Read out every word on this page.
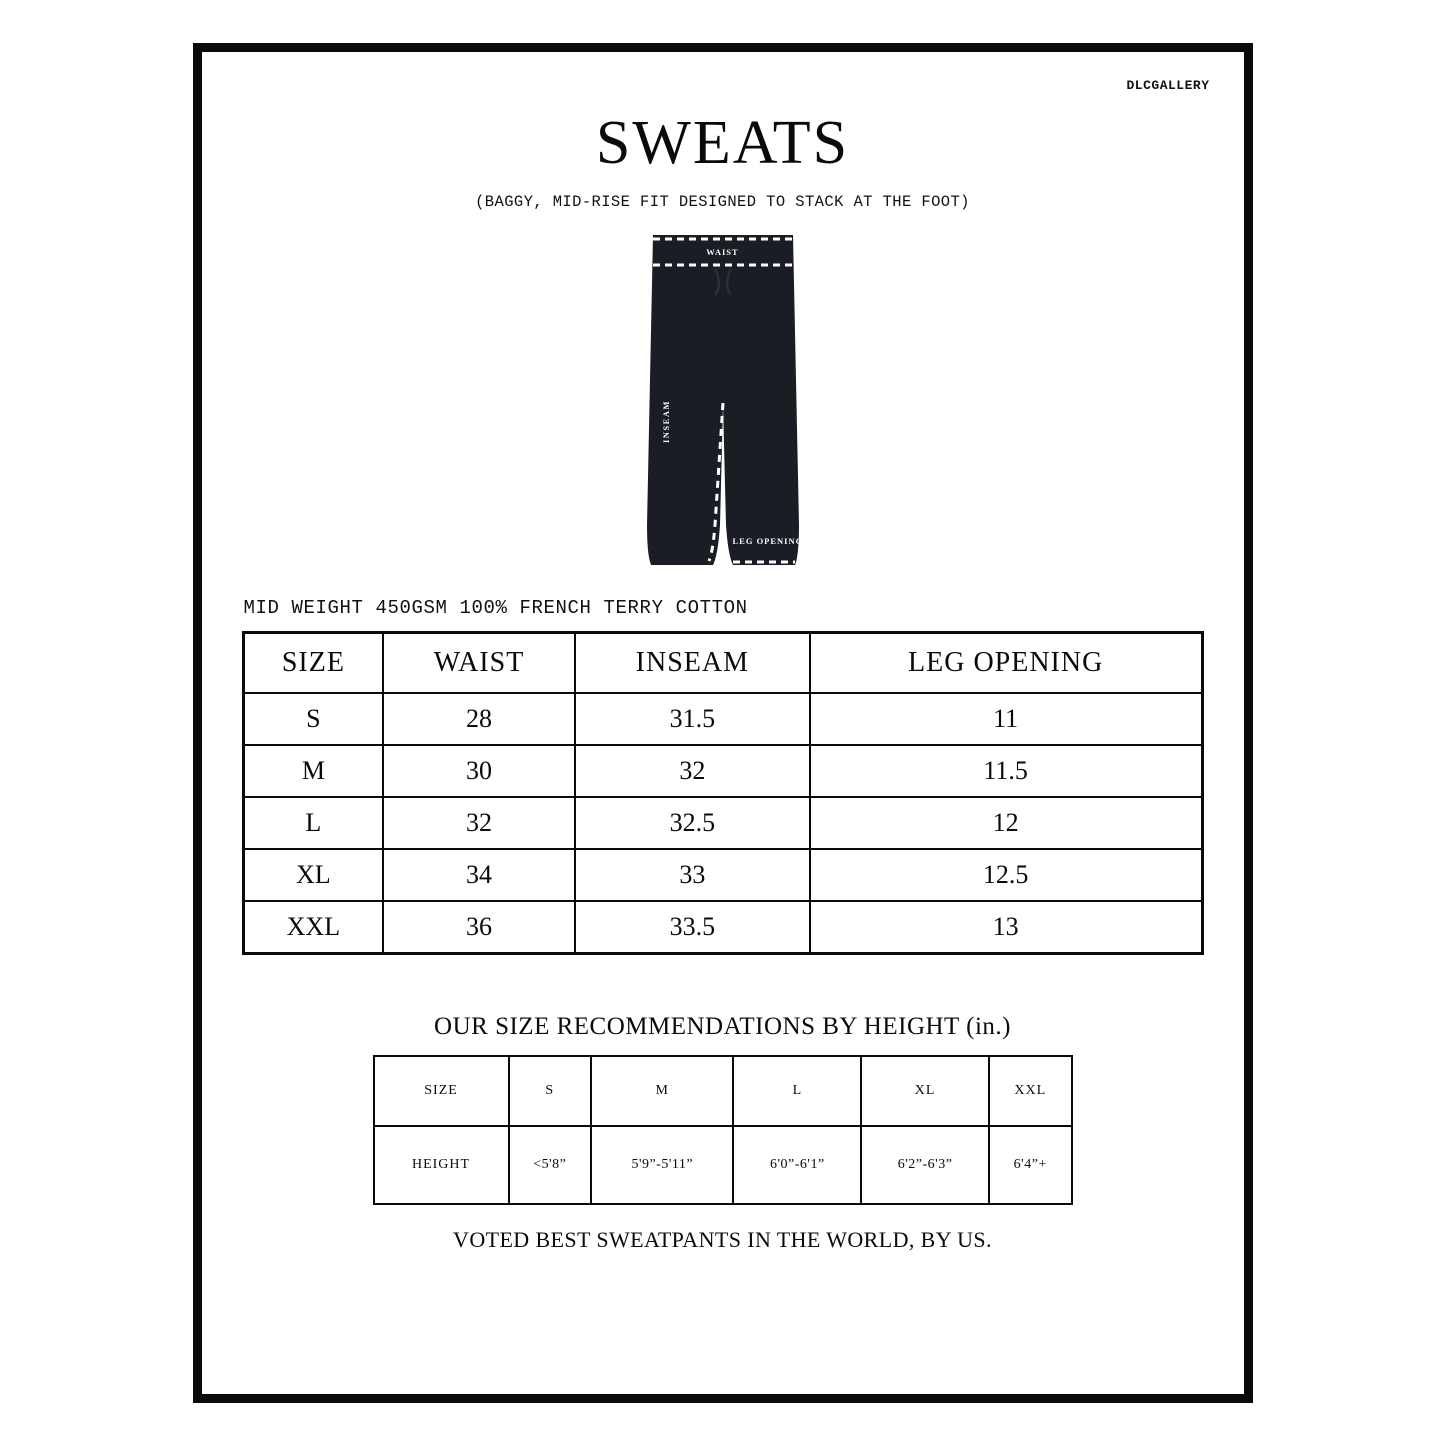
DLCGALLERY
SWEATS
(BAGGY, MID-RISE FIT DESIGNED TO STACK AT THE FOOT)
WAIST
INSEAM
LEG OPENING
MID WEIGHT 450GSM 100% FRENCH TERRY COTTON
SIZE	WAIST	INSEAM	LEG OPENING
S	28	31.5	11
M	30	32	11.5
L	32	32.5	12
XL	34	33	12.5
XXL	36	33.5	13
OUR SIZE RECOMMENDATIONS BY HEIGHT (in.)
SIZE	S	M	L	XL	XXL
HEIGHT	<5'8”	5'9”-5'11”	6'0”-6'1”	6'2”-6'3”	6'4”+
VOTED BEST SWEATPANTS IN THE WORLD, BY US.
